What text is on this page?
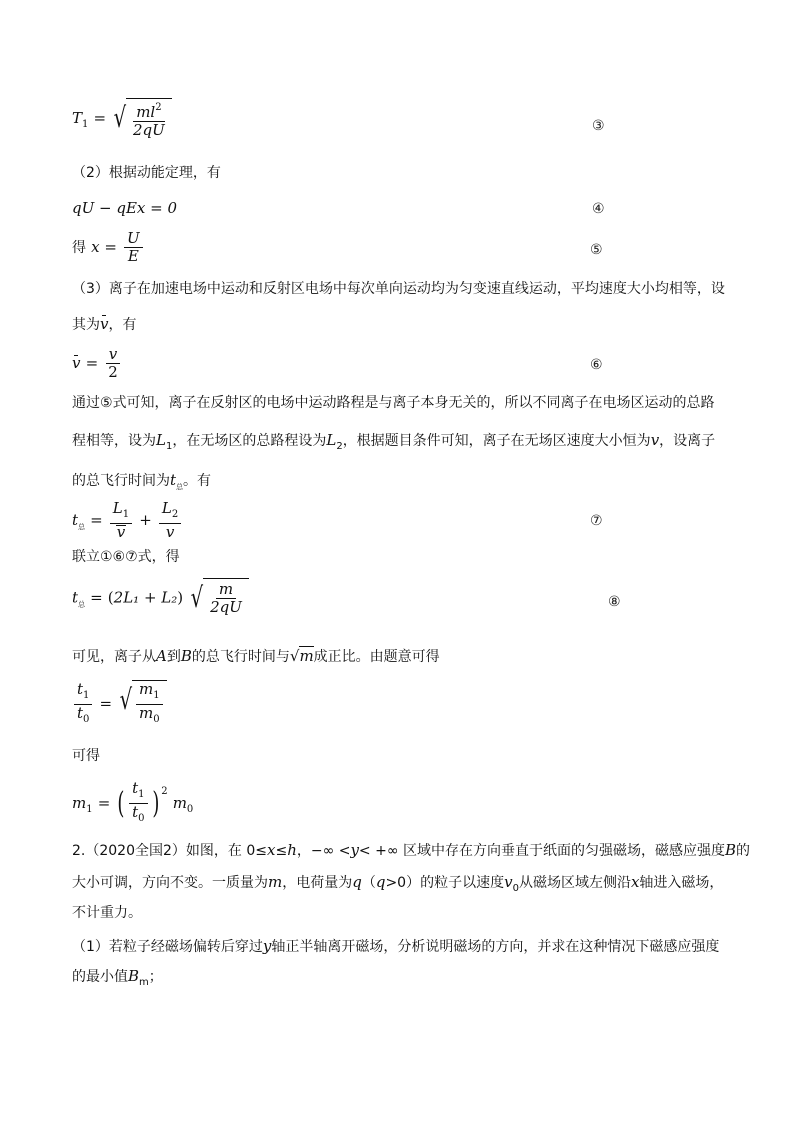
$T_1$ = √ $\frac{ml^2}{2qU}$	③
（2）根据动能定理，有
qU − qEx = 0	④
得 $x = \frac{U}{E}$	⑤
（3）离子在加速电场中运动和反射区电场中每次单向运动均为匀变速直线运动，平均速度大小均相等，设
其为v，有
$v = \frac{v}{2}$	⑥
通过⑤式可知，离子在反射区的电场中运动路程是与离子本身无关的，所以不同离子在电场区运动的总路
程相等，设为$L_1$，在无场区的总路程设为$L_2$，根据题目条件可知，离子在无场区速度大小恒为v，设离子
的总飞行时间为$t_总$。有
$t_总 = \frac{L_1}{v} + \frac{L_2}{v}$	⑦
联立①⑥⑦式，得
$t_总 = (2L_1 + L_2)$ √ $\frac{m}{2qU}$	⑧
可见，离子从A到B的总飞行时间与√m成正比。由题意可得
$\frac{t_1}{t_0}$ = √ $\frac{m_1}{m_0}$
可得
$m_1$ = ( $\frac{t_1}{t_0}$ ) $^2$ $m_0$
2.（2020全国2）如图，在 0≤x≤h，−∞ <y< +∞ 区域中存在方向垂直于纸面的匀强磁场，磁感应强度B的
大小可调，方向不变。一质量为m，电荷量为q（q>0）的粒子以速度$v_0$从磁场区域左侧沿x轴进入磁场，
不计重力。
（1）若粒子经磁场偏转后穿过y轴正半轴离开磁场，分析说明磁场的方向，并求在这种情况下磁感应强度
的最小值$B_m$；
